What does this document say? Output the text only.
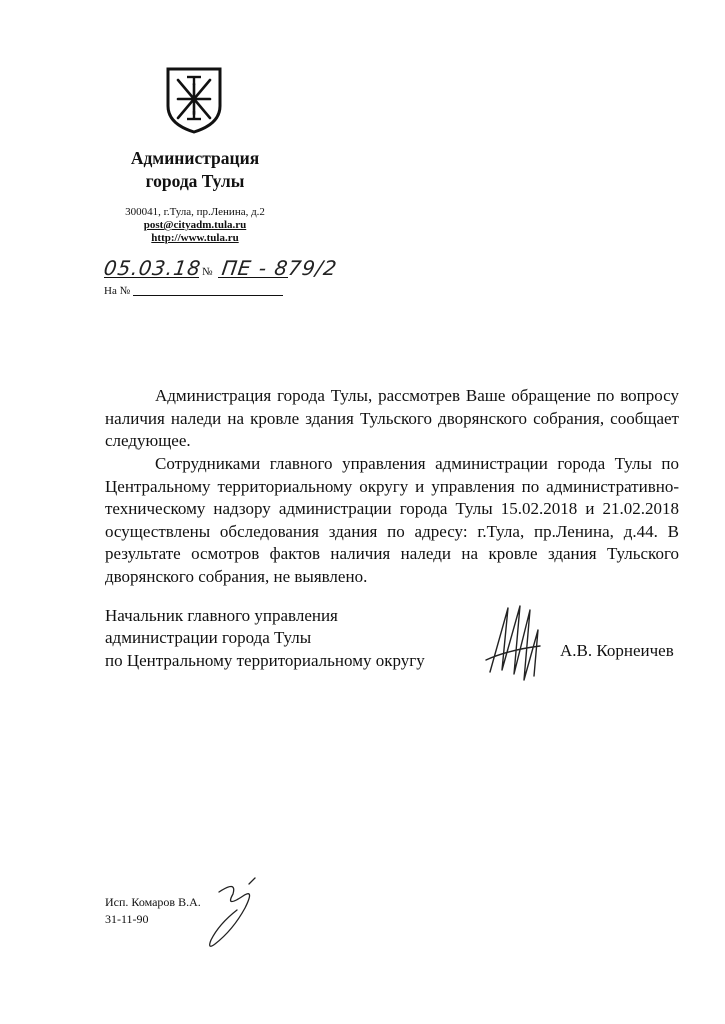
Администрация
города Тулы
300041, г.Тула, пр.Ленина, д.2
post@cityadm.tula.ru
http://www.tula.ru
05.03.18 № ПЕ - 879/2
На №

Администрация города Тулы, рассмотрев Ваше обращение по вопросу наличия наледи на кровле здания Тульского дворянского собрания, сообщает следующее.

Сотрудниками главного управления администрации города Тулы по Центральному территориальному округу и управления по административно-техническому надзору администрации города Тулы 15.02.2018 и 21.02.2018 осуществлены обследования здания по адресу: г.Тула, пр.Ленина, д.44. В результате осмотров фактов наличия наледи на кровле здания Тульского дворянского собрания, не выявлено.

Начальник главного управления
администрации города Тулы
по Центральному территориальному округу
А.В. Корнеичев
Исп. Комаров В.А.
31-11-90
